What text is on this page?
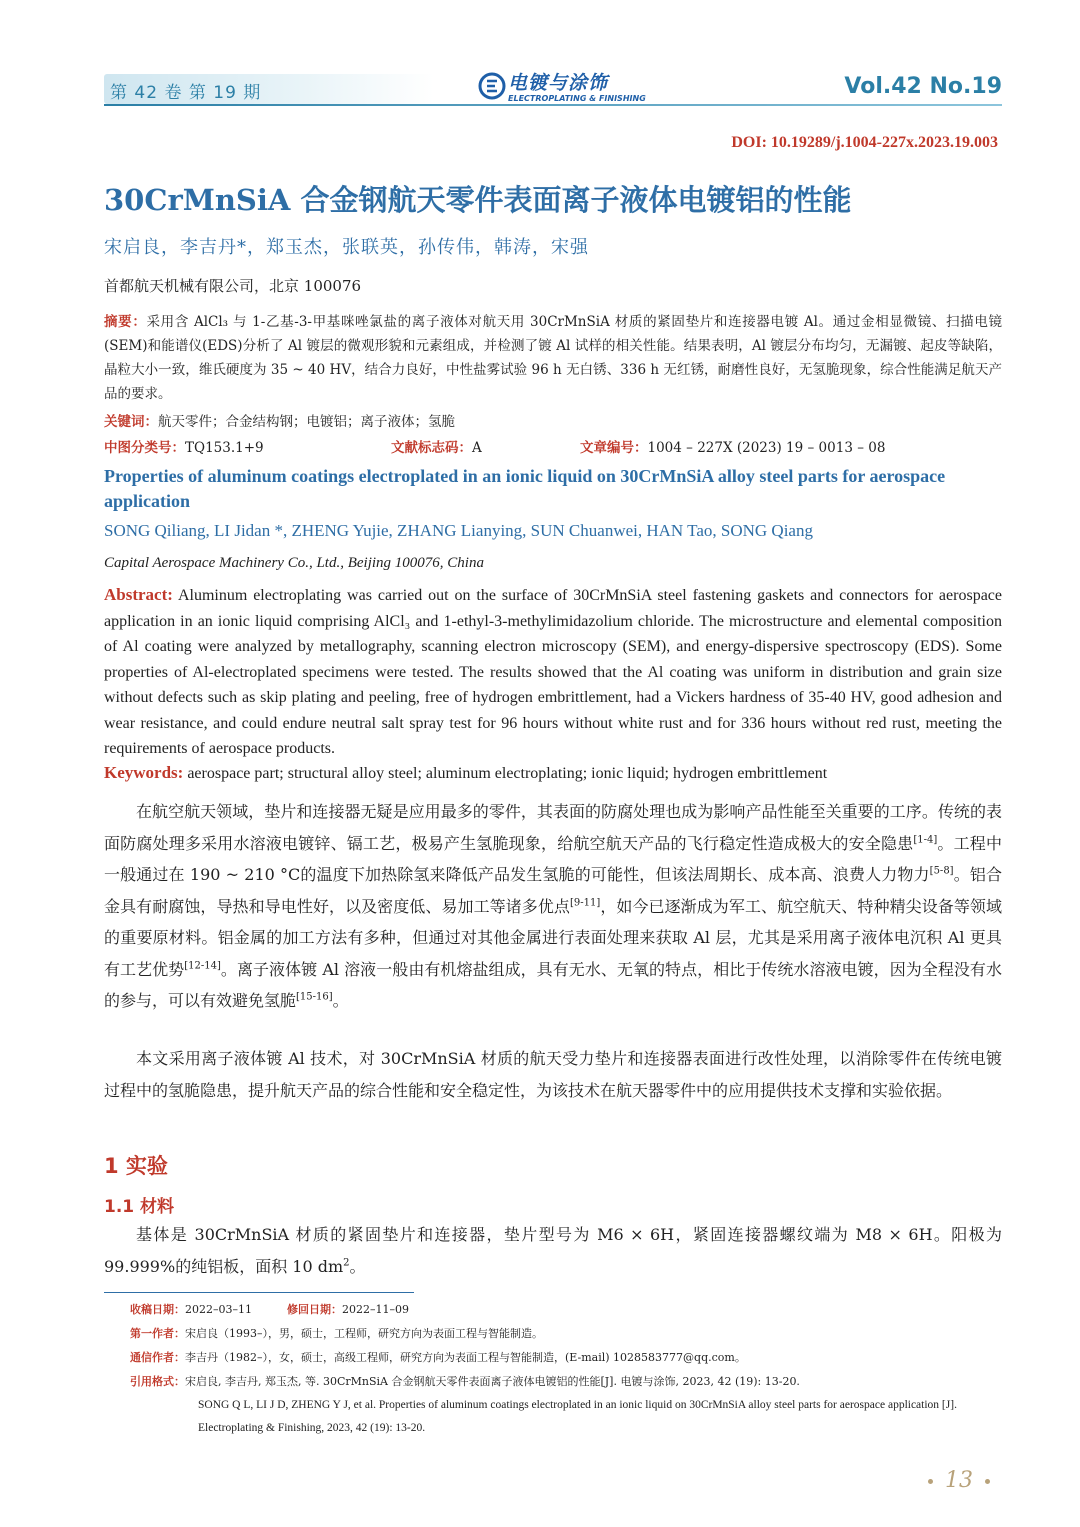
第 42 卷 第 19 期	电镀与涂饰
ELECTROPLATING & FINISHING	Vol.42 No.19
DOI: 10.19289/j.1004-227x.2023.19.003
30CrMnSiA 合金钢航天零件表面离子液体电镀铝的性能
宋启良，李吉丹*，郑玉杰，张联英，孙传伟，韩涛，宋强
首都航天机械有限公司，北京 100076
摘要：采用含 AlCl₃ 与 1-乙基-3-甲基咪唑氯盐的离子液体对航天用 30CrMnSiA 材质的紧固垫片和连接器电镀 Al。通过金相显微镜、扫描电镜(SEM)和能谱仪(EDS)分析了 Al 镀层的微观形貌和元素组成，并检测了镀 Al 试样的相关性能。结果表明，Al 镀层分布均匀，无漏镀、起皮等缺陷，晶粒大小一致，维氏硬度为 35 ~ 40 HV，结合力良好，中性盐雾试验 96 h 无白锈、336 h 无红锈，耐磨性良好，无氢脆现象，综合性能满足航天产品的要求。
关键词：航天零件；合金结构钢；电镀铝；离子液体；氢脆
中图分类号：TQ153.1+9	文献标志码：A	文章编号：1004 – 227X (2023) 19 – 0013 – 08
Properties of aluminum coatings electroplated in an ionic liquid on 30CrMnSiA alloy steel parts for aerospace application
SONG Qiliang, LI Jidan *, ZHENG Yujie, ZHANG Lianying, SUN Chuanwei, HAN Tao, SONG Qiang
Capital Aerospace Machinery Co., Ltd., Beijing 100076, China
Abstract: Aluminum electroplating was carried out on the surface of 30CrMnSiA steel fastening gaskets and connectors for aerospace application in an ionic liquid comprising AlCl₃ and 1-ethyl-3-methylimidazolium chloride. The microstructure and elemental composition of Al coating were analyzed by metallography, scanning electron microscopy (SEM), and energy-dispersive spectroscopy (EDS). Some properties of Al-electroplated specimens were tested. The results showed that the Al coating was uniform in distribution and grain size without defects such as skip plating and peeling, free of hydrogen embrittlement, had a Vickers hardness of 35-40 HV, good adhesion and wear resistance, and could endure neutral salt spray test for 96 hours without white rust and for 336 hours without red rust, meeting the requirements of aerospace products.
Keywords: aerospace part; structural alloy steel; aluminum electroplating; ionic liquid; hydrogen embrittlement
在航空航天领域，垫片和连接器无疑是应用最多的零件，其表面的防腐处理也成为影响产品性能至关重要的工序。传统的表面防腐处理多采用水溶液电镀锌、镉工艺，极易产生氢脆现象，给航空航天产品的飞行稳定性造成极大的安全隐患[1-4]。工程中一般通过在 190 ~ 210 °C的温度下加热除氢来降低产品发生氢脆的可能性，但该法周期长、成本高、浪费人力物力[5-8]。铝合金具有耐腐蚀，导热和导电性好，以及密度低、易加工等诸多优点[9-11]，如今已逐渐成为军工、航空航天、特种精尖设备等领域的重要原材料。铝金属的加工方法有多种，但通过对其他金属进行表面处理来获取 Al 层，尤其是采用离子液体电沉积 Al 更具有工艺优势[12-14]。离子液体镀 Al 溶液一般由有机熔盐组成，具有无水、无氧的特点，相比于传统水溶液电镀，因为全程没有水的参与，可以有效避免氢脆[15-16]。
本文采用离子液体镀 Al 技术，对 30CrMnSiA 材质的航天受力垫片和连接器表面进行改性处理，以消除零件在传统电镀过程中的氢脆隐患，提升航天产品的综合性能和安全稳定性，为该技术在航天器零件中的应用提供技术支撑和实验依据。
1 实验
1.1 材料
基体是 30CrMnSiA 材质的紧固垫片和连接器，垫片型号为 M6 × 6H，紧固连接器螺纹端为 M8 × 6H。阳极为 99.999%的纯铝板，面积 10 $dm^2$。
收稿日期：2022–03–11	修回日期：2022–11–09
第一作者：宋启良（1993–），男，硕士，工程师，研究方向为表面工程与智能制造。
通信作者：李吉丹（1982–），女，硕士，高级工程师，研究方向为表面工程与智能制造，(E-mail) 1028583777@qq.com。
引用格式：宋启良, 李吉丹, 郑玉杰, 等. 30CrMnSiA 合金钢航天零件表面离子液体电镀铝的性能[J]. 电镀与涂饰, 2023, 42 (19): 13-20.
SONG Q L, LI J D, ZHENG Y J, et al. Properties of aluminum coatings electroplated in an ionic liquid on 30CrMnSiA alloy steel parts for aerospace application [J]. Electroplating & Finishing, 2023, 42 (19): 13-20.
13
